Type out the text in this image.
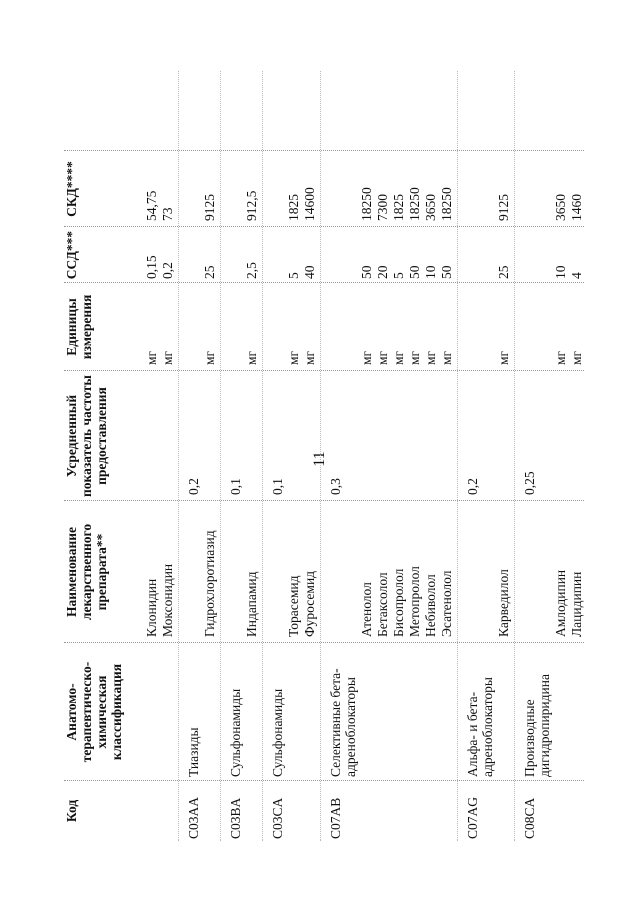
11
Код
Анатомо-терапевтическо-химическая классификация
Наименование лекарственного препарата**
Усредненный показатель частоты предоставления
Единицы измерения
ССД***
СКД****
Клонидин
мг
0,15
54,75
Моксонидин
мг
0,2
73
C03AA
Тиазиды
0,2
Гидрохлоротиазид
мг
25
9125
C03BA
Сульфонамиды
0,1
Индапамид
мг
2,5
912,5
C03CA
Сульфонамиды
0,1
Торасемид
мг
5
1825
Фуросемид
мг
40
14600
C07AB
Селективные бета-адреноблокаторы
0,3
Атенолол
мг
50
18250
Бетаксолол
мг
20
7300
Бисопролол
мг
5
1825
Метопролол
мг
50
18250
Небиволол
мг
10
3650
Эсатенолол
мг
50
18250
C07AG
Альфа- и бета-адреноблокаторы
0,2
Карведилол
мг
25
9125
C08CA
Производные дигидропиридина
0,25
Амлодипин
мг
10
3650
Лацидипин
мг
4
1460
